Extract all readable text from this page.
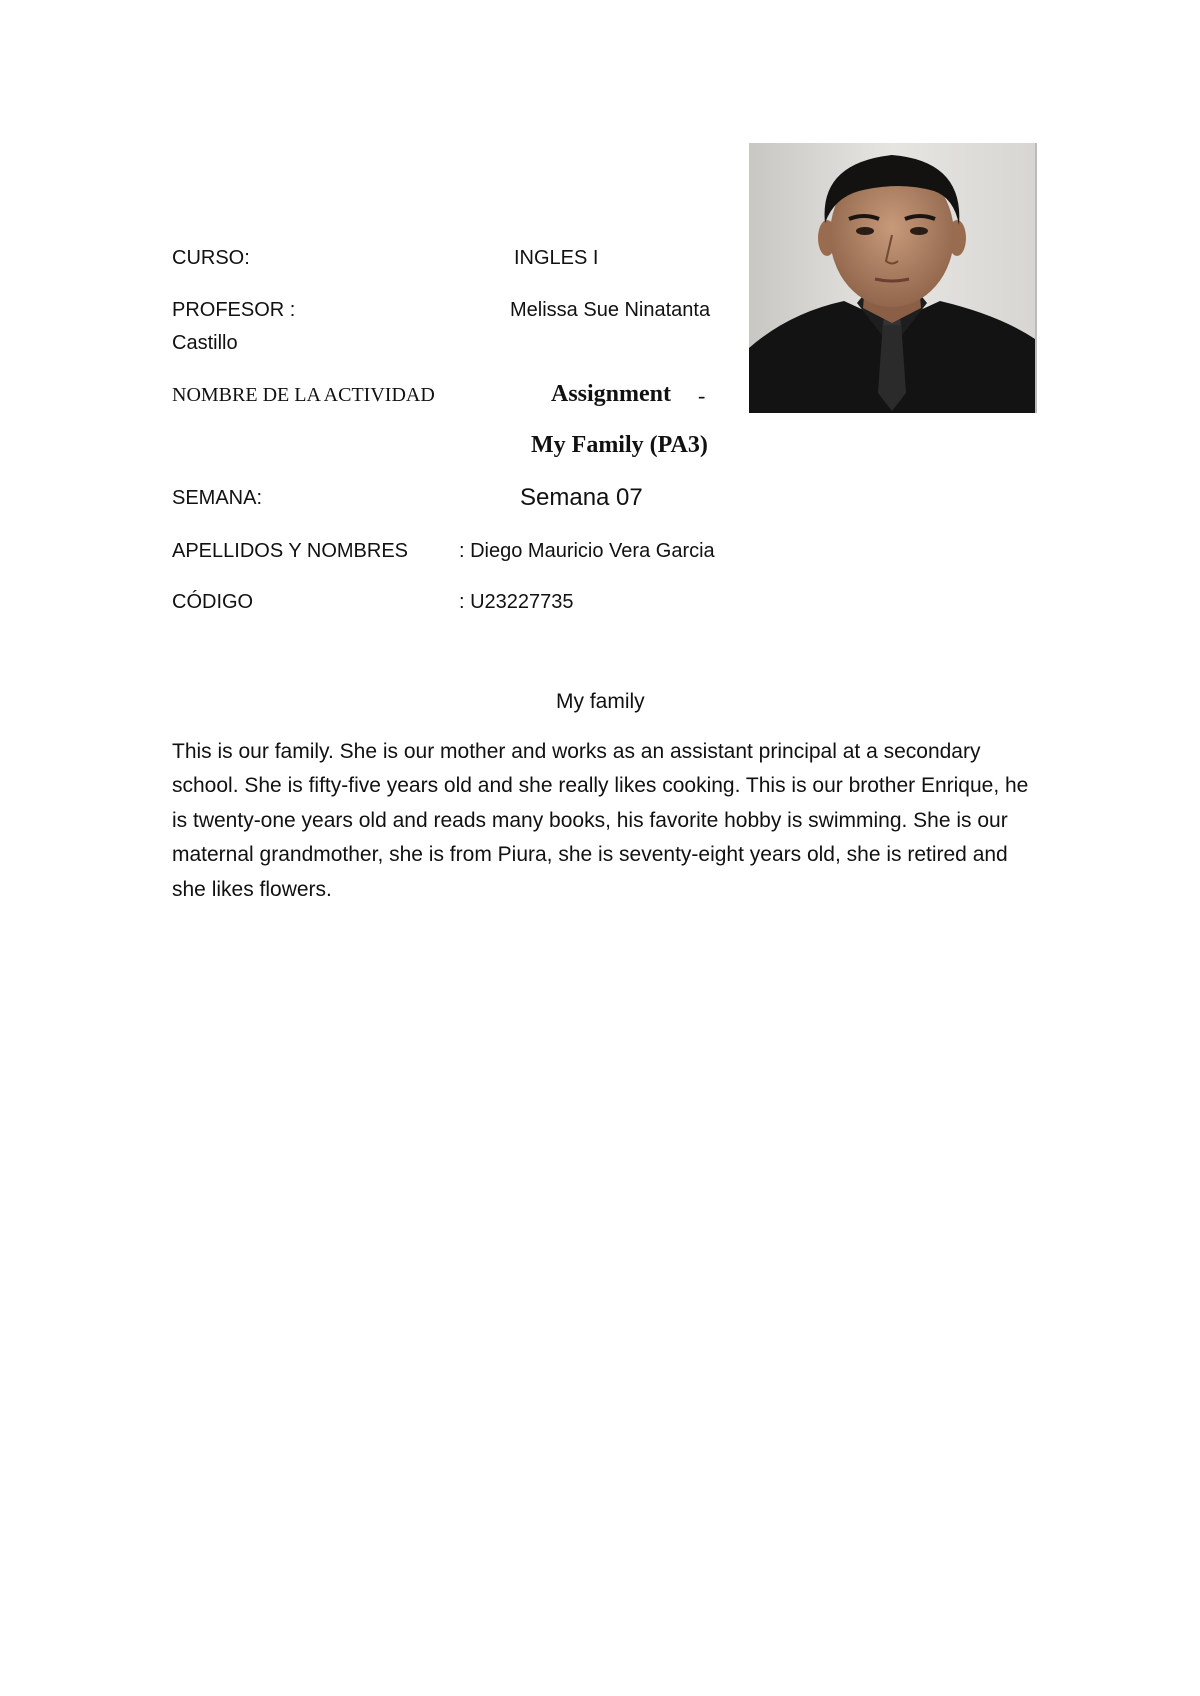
CURSO:	INGLES I
PROFESOR :	Melissa Sue Ninatanta
Castillo
NOMBRE DE LA ACTIVIDAD	Assignment -
My Family (PA3)
SEMANA:	Semana 07
APELLIDOS Y NOMBRES	: Diego Mauricio Vera Garcia
CÓDIGO	: U23227735
My family

This is our family. She is our mother and works as an assistant principal at a secondary school. She is fifty-five years old and she really likes cooking. This is our brother Enrique, he is twenty-one years old and reads many books, his favorite hobby is swimming. She is our maternal grandmother, she is from Piura, she is seventy-eight years old, she is retired and she likes flowers.
